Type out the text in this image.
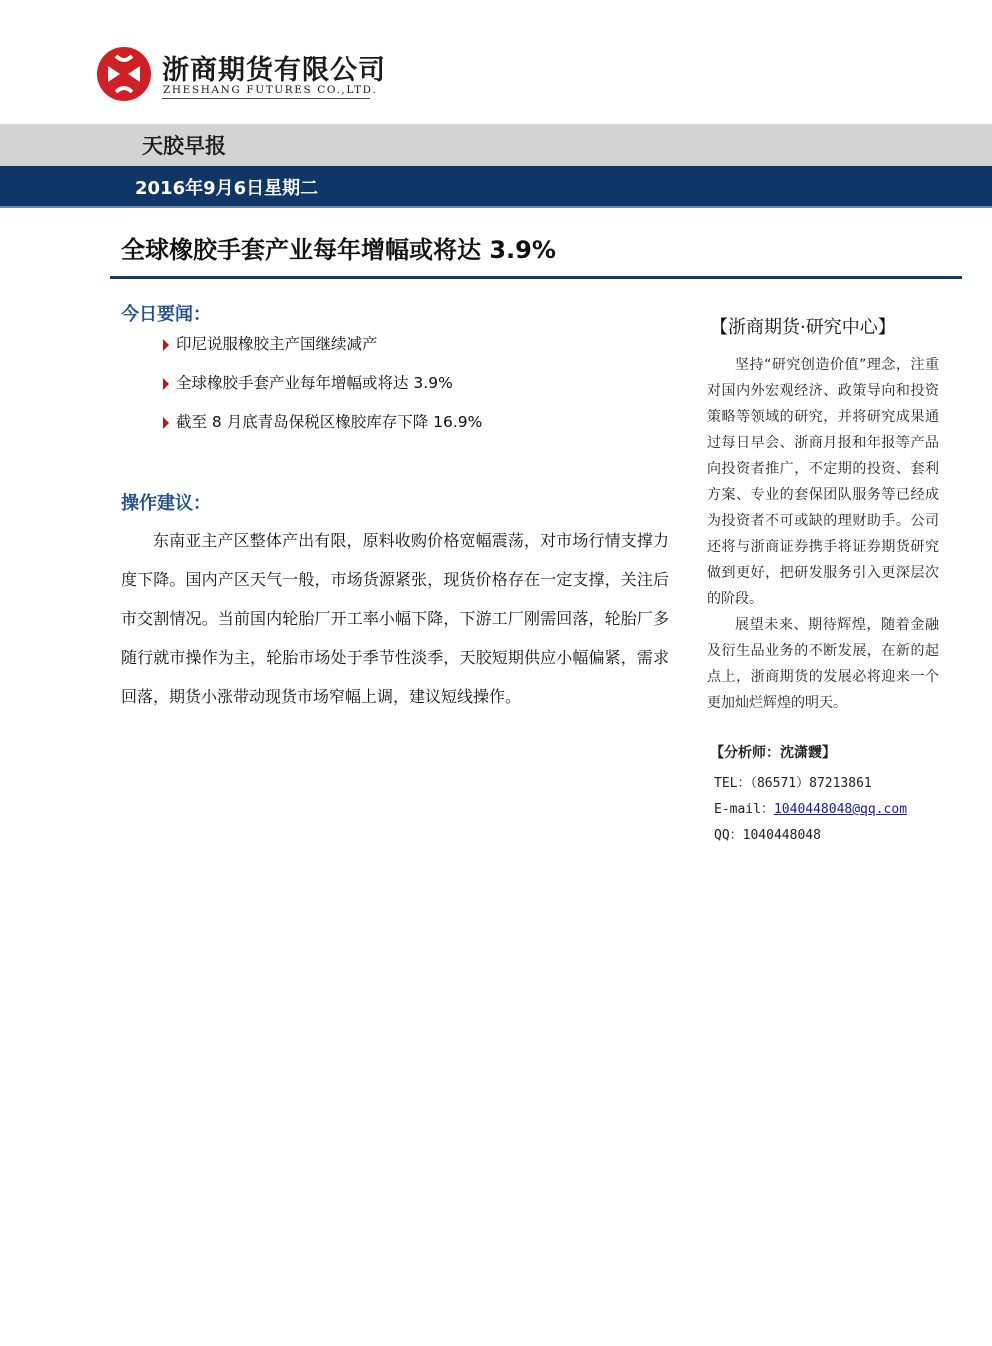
浙商期货有限公司
ZHESHANG FUTURES CO.,LTD.
天胶早报
2016年9月6日星期二
全球橡胶手套产业每年增幅或将达 3.9%
今日要闻：
印尼说服橡胶主产国继续减产
全球橡胶手套产业每年增幅或将达 3.9%
截至 8 月底青岛保税区橡胶库存下降 16.9%
操作建议：

东南亚主产区整体产出有限，原料收购价格宽幅震荡，对市场行情支撑力度下降。国内产区天气一般，市场货源紧张，现货价格存在一定支撑，关注后市交割情况。当前国内轮胎厂开工率小幅下降，下游工厂刚需回落，轮胎厂多随行就市操作为主，轮胎市场处于季节性淡季，天胶短期供应小幅偏紧，需求回落，期货小涨带动现货市场窄幅上调，建议短线操作。

【浙商期货·研究中心】

坚持“研究创造价值”理念，注重对国内外宏观经济、政策导向和投资策略等领域的研究，并将研究成果通过每日早会、浙商月报和年报等产品向投资者推广，不定期的投资、套利方案、专业的套保团队服务等已经成为投资者不可或缺的理财助手。公司还将与浙商证券携手将证券期货研究做到更好，把研发服务引入更深层次的阶段。

展望未来、期待辉煌，随着金融及衍生品业务的不断发展，在新的起点上，浙商期货的发展必将迎来一个更加灿烂辉煌的明天。

【分析师：沈潇靉】
TEL：（86571）87213861
E-mail：1040448048@qq.com
QQ：1040448048
